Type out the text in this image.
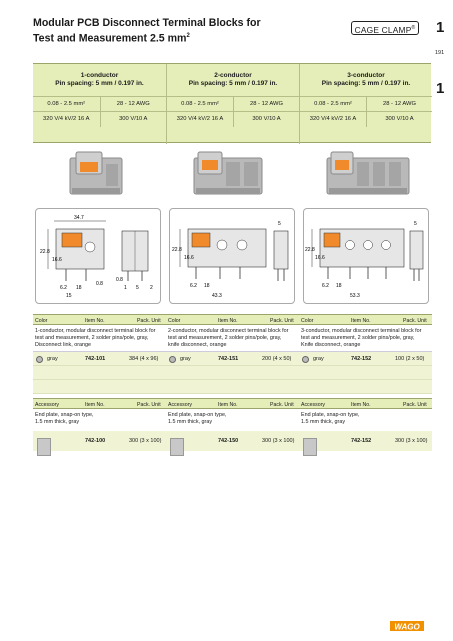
Modular PCB Disconnect Terminal Blocks for
Test and Measurement 2.5 $mm^2$
CAGE CLAMP® 1
191
1
1-conductor
Pin spacing: 5 mm / 0.197 in.
0.08 - 2.5 mm²	28 - 12 AWG
320 V/4 kV/2 16 A	300 V/10 A
2-conductor
Pin spacing: 5 mm / 0.197 in.
0.08 - 2.5 mm²	28 - 12 AWG
320 V/4 kV/2 16 A	300 V/10 A
3-conductor
Pin spacing: 5 mm / 0.197 in.
0.08 - 2.5 mm²	28 - 12 AWG
320 V/4 kV/2 16 A	300 V/10 A
34.7
22.8
16.6
6.2 18
15
0.8
0.8
1 5 2
22.8
16.6
6.2 18
43.3
5
22.8
16.6
6.2 18
53.3
5
Color	Item No.	Pack. Unit
1-conductor, modular disconnect terminal block for
test and measurement, 2 solder pins/pole, gray,
Disconnect link, orange
gray	742-101	384 (4 x 96)
Color	Item No.	Pack. Unit
2-conductor, modular disconnect terminal block for
test and measurement, 2 solder pins/pole, gray,
knife disconnect, orange
gray	742-151	200 (4 x 50)
Color	Item No.	Pack. Unit
3-conductor, modular disconnect terminal block for
test and measurement, 2 solder pins/pole, gray,
Knife disconnect, orange
gray	742-152	100 (2 x 50)
Accessory	Item No.	Pack. Unit
End plate, snap-on type,
1.5 mm thick, gray
742-100	300 (3 x 100)
Accessory	Item No.	Pack. Unit
End plate, snap-on type,
1.5 mm thick, gray
742-150	300 (3 x 100)
Accessory	Item No.	Pack. Unit
End plate, snap-on type,
1.5 mm thick, gray
742-152	300 (3 x 100)
WAGO
